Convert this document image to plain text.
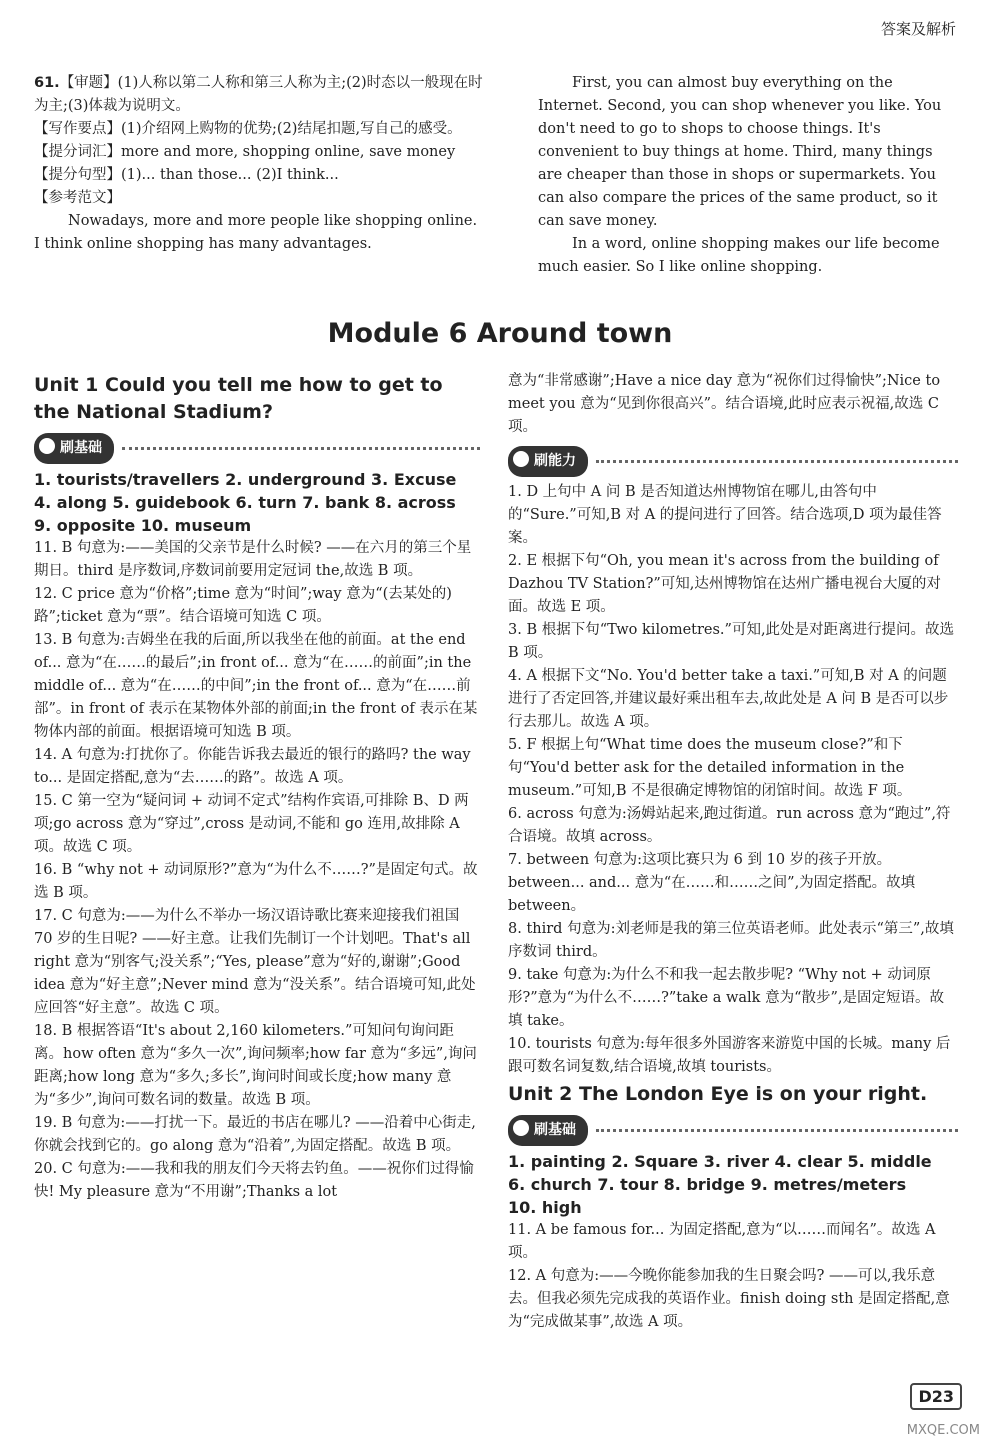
答案及解析
61.【审题】(1)人称以第二人称和第三人称为主;(2)时态以一般现在时为主;(3)体裁为说明文。
【写作要点】(1)介绍网上购物的优势;(2)结尾扣题,写自己的感受。
【提分词汇】more and more, shopping online, save money
【提分句型】(1)... than those... (2)I think...
【参考范文】
Nowadays, more and more people like shopping online. I think online shopping has many advantages.
First, you can almost buy everything on the Internet. Second, you can shop whenever you like. You don't need to go to shops to choose things. It's convenient to buy things at home. Third, many things are cheaper than those in shops or supermarkets. You can also compare the prices of the same product, so it can save money.
In a word, online shopping makes our life become much easier. So I like online shopping.
Module 6 Around town
Unit 1 Could you tell me how to get to the National Stadium?
刷基础
1. tourists/travellers 2. underground 3. Excuse
4. along 5. guidebook 6. turn 7. bank 8. across
9. opposite 10. museum
11. B 句意为:——美国的父亲节是什么时候? ——在六月的第三个星期日。third 是序数词,序数词前要用定冠词 the,故选 B 项。
12. C price 意为“价格”;time 意为“时间”;way 意为“(去某处的)路”;ticket 意为“票”。结合语境可知选 C 项。
13. B 句意为:吉姆坐在我的后面,所以我坐在他的前面。at the end of... 意为“在……的最后”;in front of... 意为“在……的前面”;in the middle of... 意为“在……的中间”;in the front of... 意为“在……前部”。in front of 表示在某物体外部的前面;in the front of 表示在某物体内部的前面。根据语境可知选 B 项。
14. A 句意为:打扰你了。你能告诉我去最近的银行的路吗? the way to... 是固定搭配,意为“去……的路”。故选 A 项。
15. C 第一空为“疑问词 + 动词不定式”结构作宾语,可排除 B、D 两项;go across 意为“穿过”,cross 是动词,不能和 go 连用,故排除 A 项。故选 C 项。
16. B “why not + 动词原形?”意为“为什么不……?”是固定句式。故选 B 项。
17. C 句意为:——为什么不举办一场汉语诗歌比赛来迎接我们祖国 70 岁的生日呢? ——好主意。让我们先制订一个计划吧。That's all right 意为“别客气;没关系”;“Yes, please”意为“好的,谢谢”;Good idea 意为“好主意”;Never mind 意为“没关系”。结合语境可知,此处应回答“好主意”。故选 C 项。
18. B 根据答语“It's about 2,160 kilometers.”可知问句询问距离。how often 意为“多久一次”,询问频率;how far 意为“多远”,询问距离;how long 意为“多久;多长”,询问时间或长度;how many 意为“多少”,询问可数名词的数量。故选 B 项。
19. B 句意为:——打扰一下。最近的书店在哪儿? ——沿着中心街走,你就会找到它的。go along 意为“沿着”,为固定搭配。故选 B 项。
20. C 句意为:——我和我的朋友们今天将去钓鱼。——祝你们过得愉快! My pleasure 意为“不用谢”;Thanks a lot
意为“非常感谢”;Have a nice day 意为“祝你们过得愉快”;Nice to meet you 意为“见到你很高兴”。结合语境,此时应表示祝福,故选 C 项。
刷能力
1. D 上句中 A 问 B 是否知道达州博物馆在哪儿,由答句中的“Sure.”可知,B 对 A 的提问进行了回答。结合选项,D 项为最佳答案。
2. E 根据下句“Oh, you mean it's across from the building of Dazhou TV Station?”可知,达州博物馆在达州广播电视台大厦的对面。故选 E 项。
3. B 根据下句“Two kilometres.”可知,此处是对距离进行提问。故选 B 项。
4. A 根据下文“No. You'd better take a taxi.”可知,B 对 A 的问题进行了否定回答,并建议最好乘出租车去,故此处是 A 问 B 是否可以步行去那儿。故选 A 项。
5. F 根据上句“What time does the museum close?”和下句“You'd better ask for the detailed information in the museum.”可知,B 不是很确定博物馆的闭馆时间。故选 F 项。
6. across 句意为:汤姆站起来,跑过街道。run across 意为“跑过”,符合语境。故填 across。
7. between 句意为:这项比赛只为 6 到 10 岁的孩子开放。between... and... 意为“在……和……之间”,为固定搭配。故填 between。
8. third 句意为:刘老师是我的第三位英语老师。此处表示“第三”,故填序数词 third。
9. take 句意为:为什么不和我一起去散步呢? “Why not + 动词原形?”意为“为什么不……?”take a walk 意为“散步”,是固定短语。故填 take。
10. tourists 句意为:每年很多外国游客来游览中国的长城。many 后跟可数名词复数,结合语境,故填 tourists。
Unit 2 The London Eye is on your right.
刷基础
1. painting 2. Square 3. river 4. clear 5. middle
6. church 7. tour 8. bridge 9. metres/meters
10. high
11. A be famous for... 为固定搭配,意为“以……而闻名”。故选 A 项。
12. A 句意为:——今晚你能参加我的生日聚会吗? ——可以,我乐意去。但我必须先完成我的英语作业。finish doing sth 是固定搭配,意为“完成做某事”,故选 A 项。
D23
MXQE.COM
